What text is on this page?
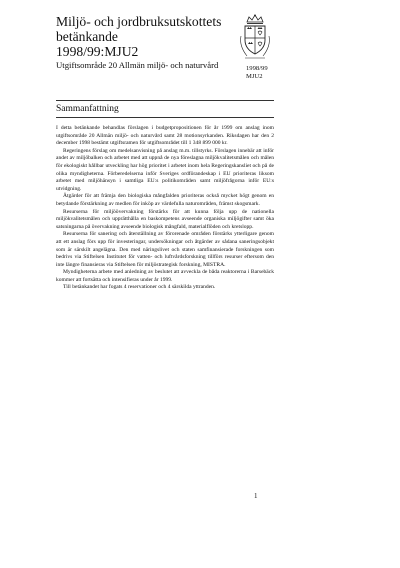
Miljö- och jordbruksutskottets
betänkande
1998/99:MJU2
Utgiftsområde 20 Allmän miljö- och naturvård	1998/99
MJU2
Sammanfattning

I detta betänkande behandlas förslagen i budgetpropositionen för år 1999 om anslag inom utgiftsområde 20 Allmän miljö- och naturvård samt 28 motionsyrkanden. Riksdagen har den 2 december 1998 bestämt utgiftsramen för utgiftsområdet till 1 348 899 000 kr.

Regeringens förslag om medelsanvisning på anslag m.m. tillstyrks. Förslagen innebär att inför andet av miljöbalken och arbetet med att uppnå de nya föreslagna miljökvalitetsmålen och målen för ekologiskt hållbar utveckling har hög prioritet i arbetet inom hela Regeringskansliet och på de olika myndigheterna. Förberedelserna inför Sveriges ordförandeskap i EU prioriteras liksom arbetet med miljöhänsyn i samtliga EU:s politikområden samt miljöfrågorna inför EU:s utvidgning.

Åtgärder för att främja den biologiska mångfalden prioriteras också mycket högt genom en betydande förstärkning av medlen för inköp av värdefulla naturområden, främst skogsmark.

Resurserna för miljöövervakning förstärks för att kunna följa upp de nationella miljökvalitetsmålen och upprätthålla en baskompetens avseende organiska miljögifter samt öka satsningarna på övervakning avseende biologisk mångfald, materialflöden och kretslopp.

Resurserna för sanering och återställning av förorenade områden förstärks ytterligare genom att ett anslag förs upp för investeringar, undersökningar och åtgärder av sådana saneringsobjekt som är särskilt angelägna. Den med näringslivet och staten samfinansierade forskningen som bedrivs via Stiftelsen Institutet för vatten- och luftvårdsforskning tillförs resurser eftersom den inte längre finansieras via Stiftelsen för miljöstrategisk forskning, MISTRA.

Myndigheterna arbete med anledning av beslutet att avveckla de båda reaktorerna i Barsebäck kommer att fortsätta och intensifieras under år 1999.

Till betänkandet har fogats 4 reservationer och 4 särskilda yttranden.

1
